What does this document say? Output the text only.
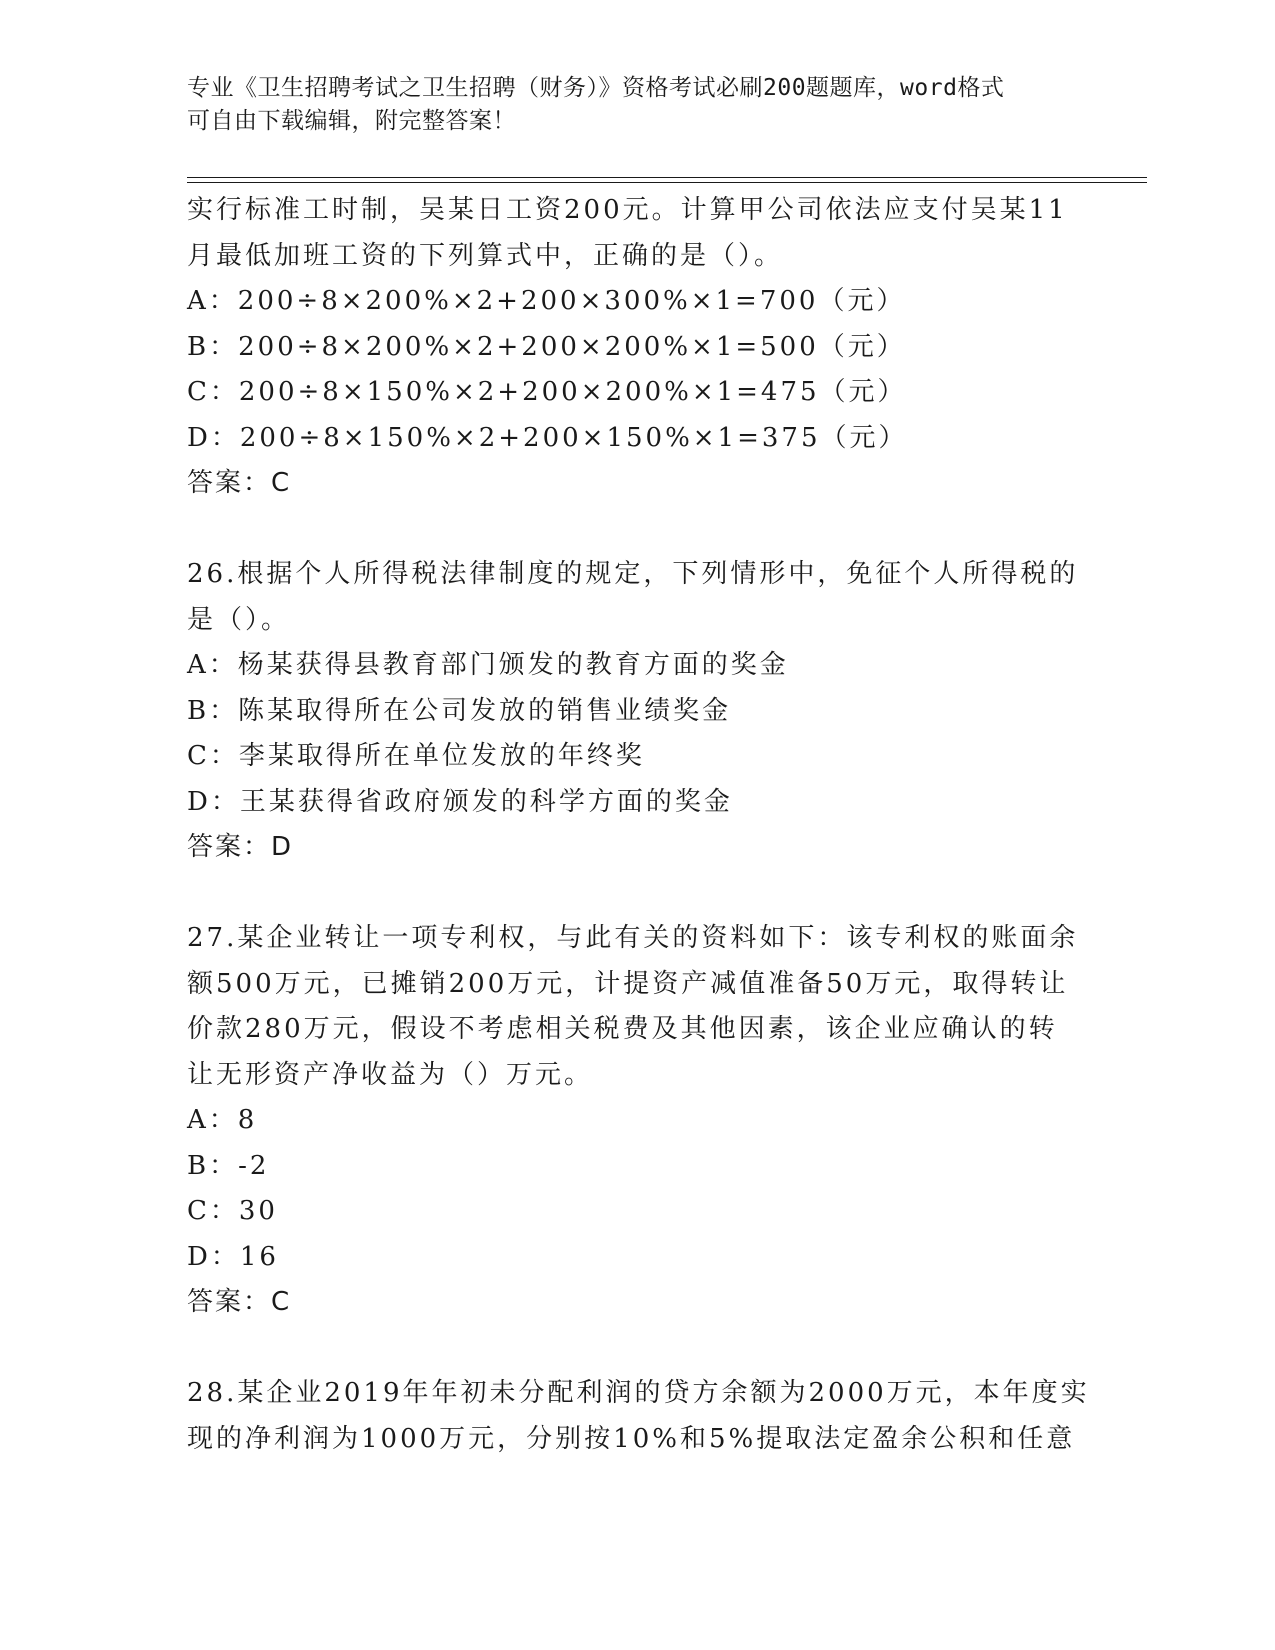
专业《卫生招聘考试之卫生招聘（财务）》资格考试必刷200题题库，word格式
可自由下载编辑，附完整答案！
实行标准工时制，吴某日工资200元。计算甲公司依法应支付吴某11
月最低加班工资的下列算式中，正确的是（）。
A：200÷8×200%×2+200×300%×1=700（元）
B：200÷8×200%×2+200×200%×1=500（元）
C：200÷8×150%×2+200×200%×1=475（元）
D：200÷8×150%×2+200×150%×1=375（元）
答案：C
26.根据个人所得税法律制度的规定，下列情形中，免征个人所得税的
是（）。
A：杨某获得县教育部门颁发的教育方面的奖金
B：陈某取得所在公司发放的销售业绩奖金
C：李某取得所在单位发放的年终奖
D：王某获得省政府颁发的科学方面的奖金
答案：D
27.某企业转让一项专利权，与此有关的资料如下：该专利权的账面余
额500万元，已摊销200万元，计提资产减值准备50万元，取得转让
价款280万元，假设不考虑相关税费及其他因素，该企业应确认的转
让无形资产净收益为（）万元。
A：8
B：-2
C：30
D：16
答案：C
28.某企业2019年年初未分配利润的贷方余额为2000万元，本年度实
现的净利润为1000万元，分别按10%和5%提取法定盈余公积和任意
